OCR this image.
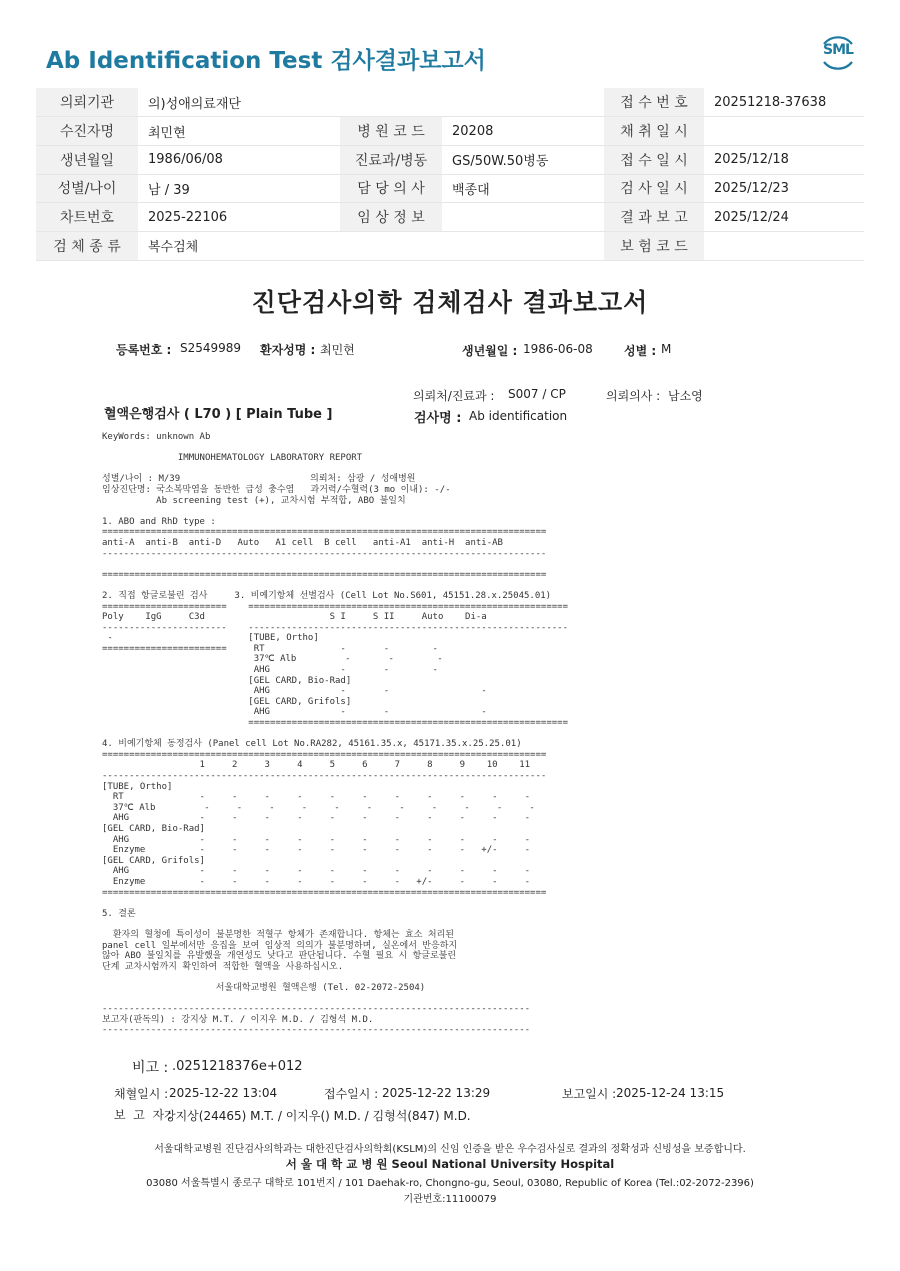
Ab Identification Test 검사결과보고서	SML
의뢰기관	의)성애의료재단			접 수 번 호	20251218-37638
수진자명	최민현	병 원 코 드	20208	채 취 일 시	
생년월일	1986/06/08	진료과/병동	GS/50W.50병동	접 수 일 시	2025/12/18
성별/나이	남 / 39	담 당 의 사	백종대	검 사 일 시	2025/12/23
차트번호	2025-22106	임 상 정 보		결 과 보 고	2025/12/24
검 체 종 류	복수검체			보 험 코 드	
진단검사의학 검체검사 결과보고서
등록번호 : S2549989 환자성명 : 최민현	생년월일 : 1986-06-08	성별 : M
의뢰처/진료과 : S007 / CP	의뢰의사 : 남소영
혈액은행검사 ( L70 ) [ Plain Tube ]	검사명 : Ab identification
KeyWords: unknown Ab
IMMUNOHEMATOLOGY LABORATORY REPORT
성별/나이 : M/39                        의뢰처: 삼광 / 성애병원
임상진단명: 국소복막염을 동반한 급성 충수염   과거력/수혈력(3 mo 이내): -/-
Ab screening test (+), 교차시험 부적합, ABO 불일치
1. ABO and RhD type :
==================================================================================
anti-A  anti-B  anti-D   Auto   A1 cell  B cell   anti-A1  anti-H  anti-AB
----------------------------------------------------------------------------------
==================================================================================
2. 직접 항글로불린 검사     3. 비예기항체 선별검사 (Cell Lot No.S601, 45151.28.x.25045.01)
=======================    ===========================================================
Poly    IgG     C3d                       S I     S II     Auto    Di-a
-----------------------    -----------------------------------------------------------
-                         [TUBE, Ortho]
=======================     RT              -       -        -
37℃ Alb         -       -        -
AHG             -       -        -
[GEL CARD, Bio-Rad]
AHG             -       -                 -
[GEL CARD, Grifols]
AHG             -       -                 -
===========================================================
4. 비예기항체 동정검사 (Panel cell Lot No.RA282, 45161.35.x, 45171.35.x.25.25.01)
==================================================================================
1     2     3     4     5     6     7     8     9    10    11
----------------------------------------------------------------------------------
[TUBE, Ortho]
RT              -     -     -     -     -     -     -     -     -     -     -
37℃ Alb         -     -     -     -     -     -     -     -     -     -     -
AHG             -     -     -     -     -     -     -     -     -     -     -
[GEL CARD, Bio-Rad]
AHG             -     -     -     -     -     -     -     -     -     -     -
Enzyme          -     -     -     -     -     -     -     -     -   +/-     -
[GEL CARD, Grifols]
AHG             -     -     -     -     -     -     -     -     -     -     -
Enzyme          -     -     -     -     -     -     -   +/-     -     -     -
==================================================================================
5. 결론
환자의 혈청에 특이성이 불분명한 적혈구 항체가 존재합니다. 항체는 효소 처리된
panel cell 일부에서만 응집을 보여 임상적 의의가 불분명하며, 실온에서 반응하지
않아 ABO 불일치를 유발했을 개연성도 낮다고 판단됩니다. 수혈 필요 시 항글로불린
단계 교차시험까지 확인하여 적합한 혈액을 사용하십시오.
서울대학교병원 혈액은행 (Tel. 02-2072-2504)
-------------------------------------------------------------------------------
보고자(판독의) : 강지상 M.T. / 이지우 M.D. / 김형석 M.D.
-------------------------------------------------------------------------------
비고 : .0251218376e+012
채혈일시 : 2025-12-22 13:04	접수일시 : 2025-12-22 13:29	보고일시 : 2025-12-24 13:15
보  고  자 :
강지상(24465) M.T. / 이지우() M.D. / 김형석(847) M.D.
서울대학교병원 진단검사의학과는 대한진단검사의학회(KSLM)의 신임 인증을 받은 우수검사실로 결과의 정확성과 신빙성을 보증합니다.
서 울 대 학 교 병 원 Seoul National University Hospital
03080 서울특별시 종로구 대학로 101번지 / 101 Daehak-ro, Chongno-gu, Seoul, 03080, Republic of Korea (Tel.:02-2072-2396)
기관번호:11100079
